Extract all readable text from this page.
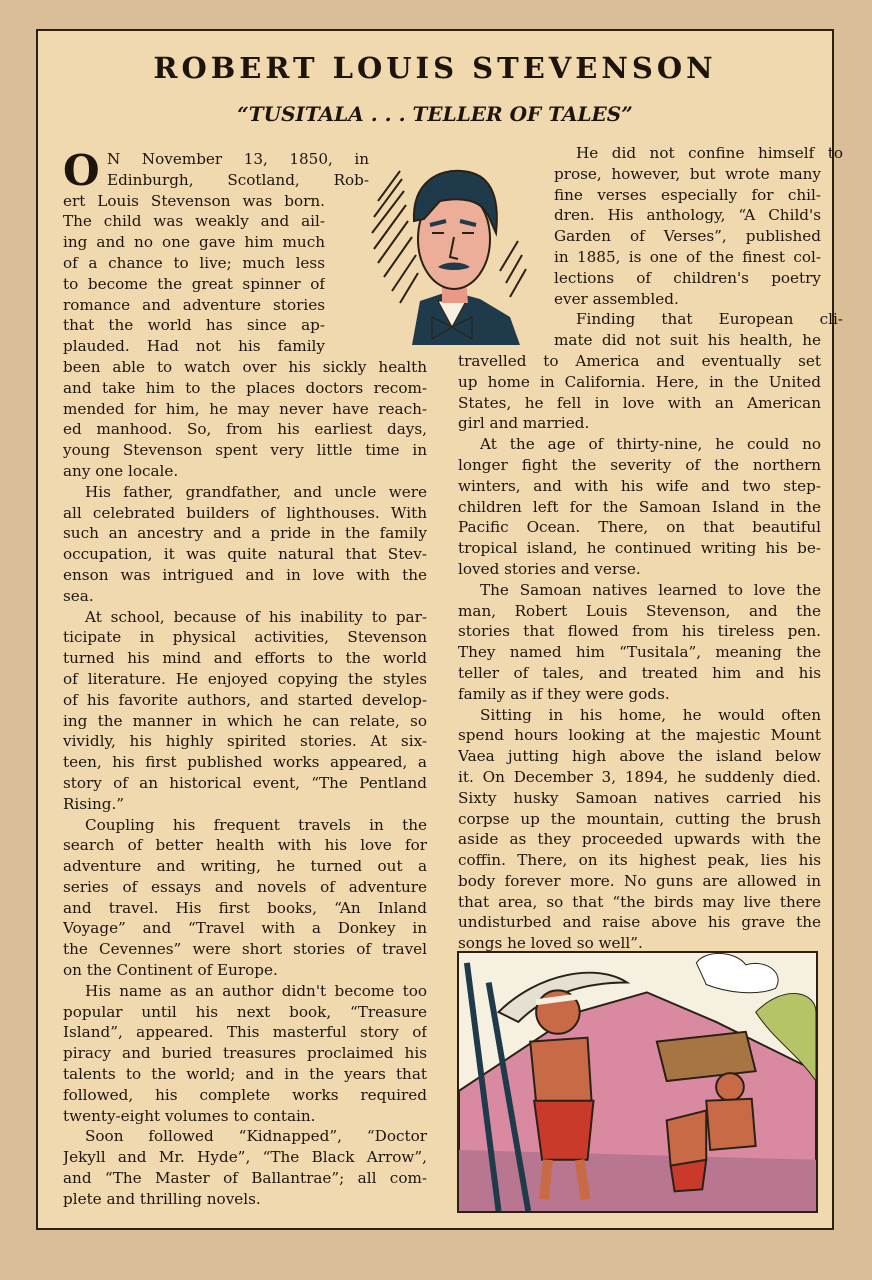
ROBERT LOUIS STEVENSON
“TUSITALA . . . TELLER OF TALES”
O N November 13, 1850, in
Edinburgh, Scotland, Rob-
ert Louis Stevenson was born.
The child was weakly and ail-
ing and no one gave him much
of a chance to live; much less
to become the great spinner of
romance and adventure stories
that the world has since ap-
plauded. Had not his family
been able to watch over his sickly health
and take him to the places doctors recom-
mended for him, he may never have reach-
ed manhood. So, from his earliest days,
young Stevenson spent very little time in
any one locale.
His father, grandfather, and uncle were
all celebrated builders of lighthouses. With
such an ancestry and a pride in the family
occupation, it was quite natural that Stev-
enson was intrigued and in love with the
sea.
At school, because of his inability to par-
ticipate in physical activities, Stevenson
turned his mind and efforts to the world
of literature. He enjoyed copying the styles
of his favorite authors, and started develop-
ing the manner in which he can relate, so
vividly, his highly spirited stories. At six-
teen, his first published works appeared, a
story of an historical event, “The Pentland
Rising.”
Coupling his frequent travels in the
search of better health with his love for
adventure and writing, he turned out a
series of essays and novels of adventure
and travel. His first books, “An Inland
Voyage” and “Travel with a Donkey in
the Cevennes” were short stories of travel
on the Continent of Europe.
His name as an author didn't become too
popular until his next book, “Treasure
Island”, appeared. This masterful story of
piracy and buried treasures proclaimed his
talents to the world; and in the years that
followed, his complete works required
twenty-eight volumes to contain.
Soon followed “Kidnapped”, “Doctor
Jekyll and Mr. Hyde”, “The Black Arrow”,
and “The Master of Ballantrae”; all com-
plete and thrilling novels.
He did not confine himself to
prose, however, but wrote many
fine verses especially for chil-
dren. His anthology, “A Child's
Garden of Verses”, published
in 1885, is one of the finest col-
lections of children's poetry
ever assembled.
Finding that European cli-
mate did not suit his health, he
travelled to America and eventually set
up home in California. Here, in the United
States, he fell in love with an American
girl and married.
At the age of thirty-nine, he could no
longer fight the severity of the northern
winters, and with his wife and two step-
children left for the Samoan Island in the
Pacific Ocean. There, on that beautiful
tropical island, he continued writing his be-
loved stories and verse.
The Samoan natives learned to love the
man, Robert Louis Stevenson, and the
stories that flowed from his tireless pen.
They named him “Tusitala”, meaning the
teller of tales, and treated him and his
family as if they were gods.
Sitting in his home, he would often
spend hours looking at the majestic Mount
Vaea jutting high above the island below
it. On December 3, 1894, he suddenly died.
Sixty husky Samoan natives carried his
corpse up the mountain, cutting the brush
aside as they proceeded upwards with the
coffin. There, on its highest peak, lies his
body forever more. No guns are allowed in
that area, so that “the birds may live there
undisturbed and raise above his grave the
songs he loved so well”.
